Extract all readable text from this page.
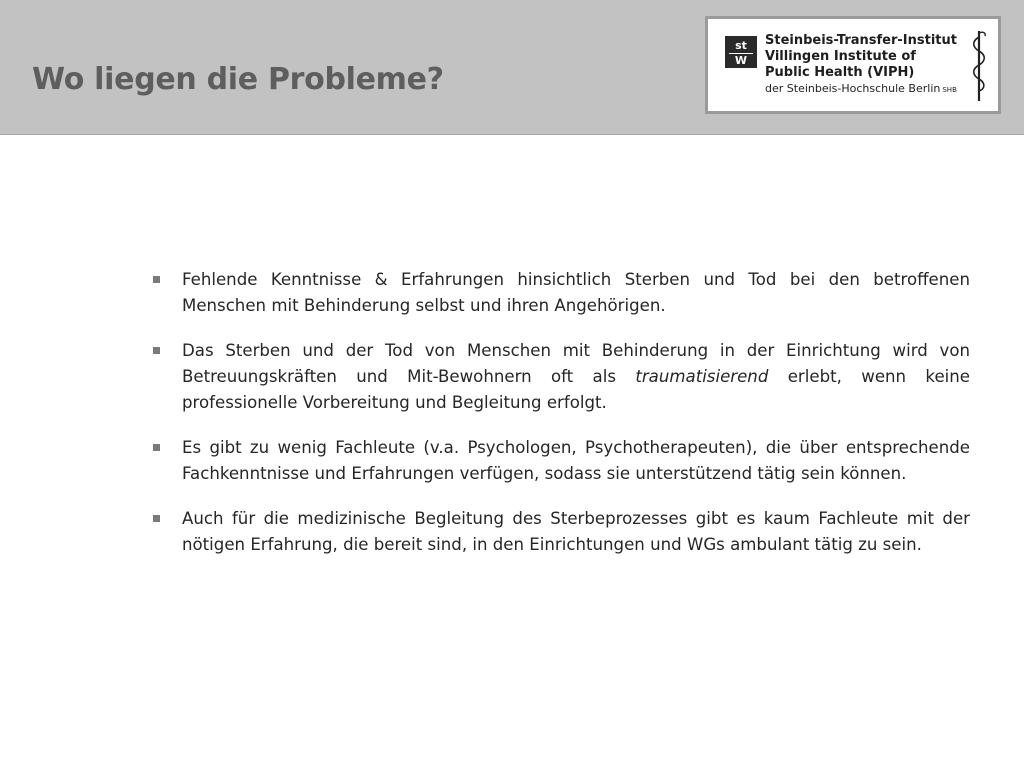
Wo liegen die Probleme?
st
W
Steinbeis-Transfer-Institut
Villingen Institute of
Public Health (VIPH)
der Steinbeis-Hochschule Berlin SHB
Fehlende Kenntnisse & Erfahrungen hinsichtlich Sterben und Tod bei den betroffenen Menschen mit Behinderung selbst und ihren Angehörigen.
Das Sterben und der Tod von Menschen mit Behinderung in der Einrichtung wird von Betreuungskräften und Mit-Bewohnern oft als traumatisierend erlebt, wenn keine professionelle Vorbereitung und Begleitung erfolgt.
Es gibt zu wenig Fachleute (v.a. Psychologen, Psychotherapeuten), die über entsprechende Fachkenntnisse und Erfahrungen verfügen, sodass sie unterstützend tätig sein können.
Auch für die medizinische Begleitung des Sterbeprozesses gibt es kaum Fachleute mit der nötigen Erfahrung, die bereit sind, in den Einrichtungen und WGs ambulant tätig zu sein.
